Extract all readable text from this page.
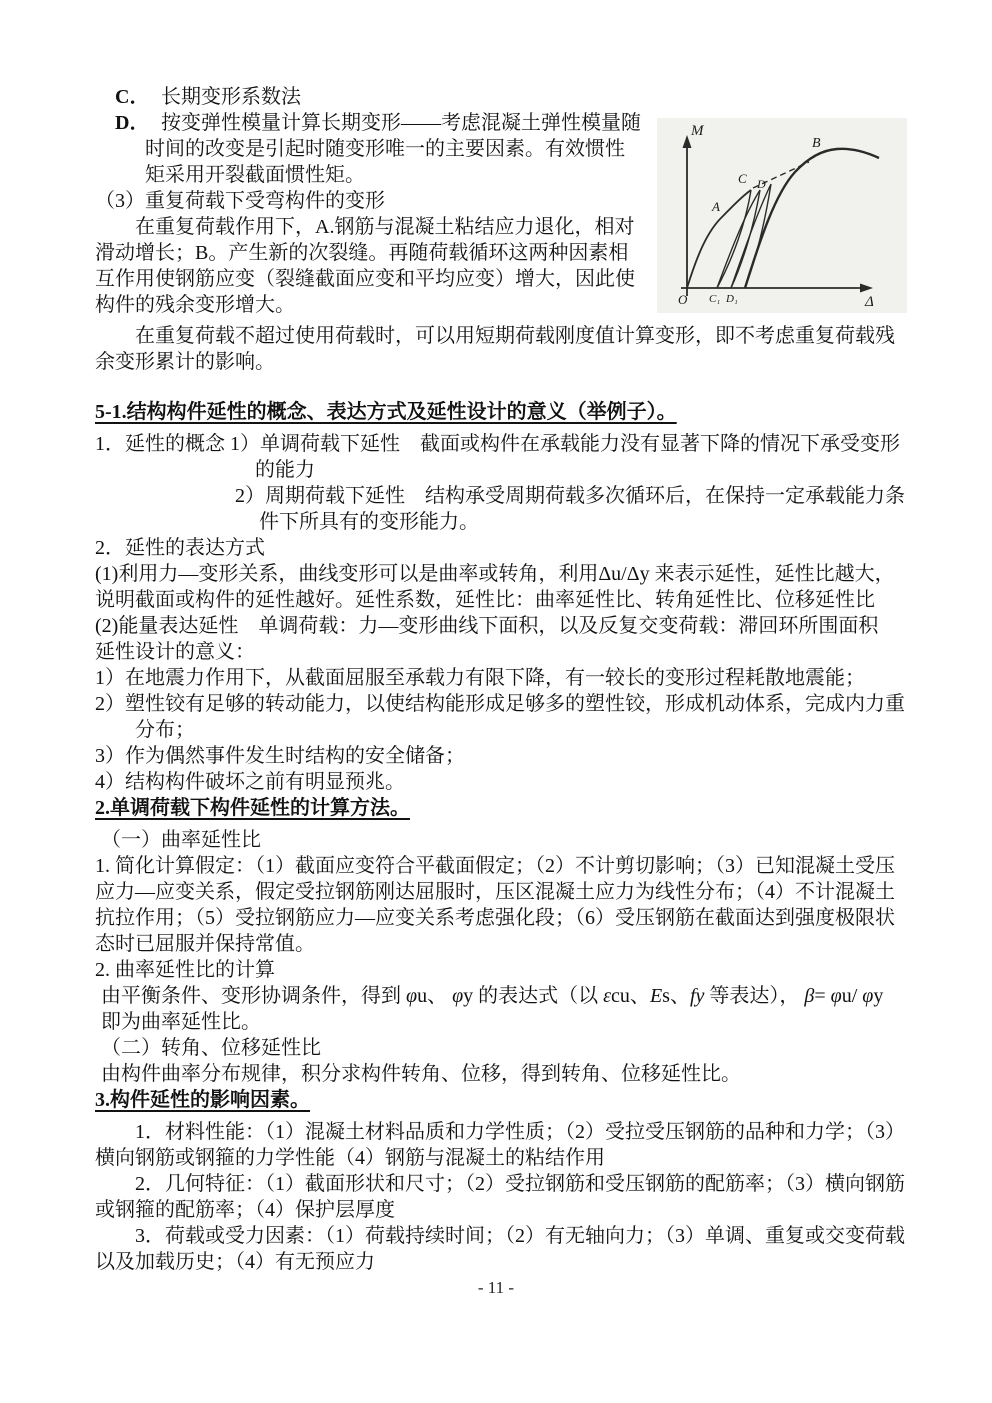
M
A
C D
B
O C₁ D₁	Δ
C． 长期变形系数法
D． 按变弹性模量计算长期变形——考虑混凝土弹性模量随时间的改变是引起时随变形唯一的主要因素。有效惯性矩采用开裂截面惯性矩。
（3）重复荷载下受弯构件的变形

在重复荷载作用下，A.钢筋与混凝土粘结应力退化，相对滑动增长；B。产生新的次裂缝。再随荷载循环这两种因素相互作用使钢筋应变（裂缝截面应变和平均应变）增大，因此使构件的残余变形增大。

在重复荷载不超过使用荷载时，可以用短期荷载刚度值计算变形，即不考虑重复荷载残余变形累计的影响。

5-1.结构构件延性的概念、表达方式及延性设计的意义（举例子）。
1．延性的概念 1）单调荷载下延性　截面或构件在承载能力没有显著下降的情况下承受变形
的能力
2）周期荷载下延性　结构承受周期荷载多次循环后，在保持一定承载能力条
件下所具有的变形能力。
2．延性的表达方式

(1)利用力—变形关系，曲线变形可以是曲率或转角，利用Δu/Δy 来表示延性，延性比越大，说明截面或构件的延性越好。延性系数，延性比：曲率延性比、转角延性比、位移延性比

(2)能量表达延性　单调荷载：力—变形曲线下面积，以及反复交变荷载：滞回环所围面积

延性设计的意义：

1）在地震力作用下，从截面屈服至承载力有限下降，有一较长的变形过程耗散地震能；

2）塑性铰有足够的转动能力，以使结构能形成足够多的塑性铰，形成机动体系，完成内力重分布；

3）作为偶然事件发生时结构的安全储备；

4）结构构件破坏之前有明显预兆。

2.单调荷载下构件延性的计算方法。
（一）曲率延性比

1. 简化计算假定：（1）截面应变符合平截面假定；（2）不计剪切影响；（3）已知混凝土受压应力—应变关系，假定受拉钢筋刚达屈服时，压区混凝土应力为线性分布；（4）不计混凝土抗拉作用；（5）受拉钢筋应力—应变关系考虑强化段；（6）受压钢筋在截面达到强度极限状态时已屈服并保持常值。

2. 曲率延性比的计算

由平衡条件、变形协调条件，得到 φu、 φy 的表达式（以 εcu、Es、fy 等表达）， β= φu/ φy 即为曲率延性比。

（二）转角、位移延性比

由构件曲率分布规律，积分求构件转角、位移，得到转角、位移延性比。

3.构件延性的影响因素。

1．材料性能：（1）混凝土材料品质和力学性质；（2）受拉受压钢筋的品种和力学；（3）横向钢筋或钢箍的力学性能（4）钢筋与混凝土的粘结作用

2．几何特征：（1）截面形状和尺寸；（2）受拉钢筋和受压钢筋的配筋率；（3）横向钢筋或钢箍的配筋率；（4）保护层厚度

3．荷载或受力因素：（1）荷载持续时间；（2）有无轴向力；（3）单调、重复或交变荷载以及加载历史；（4）有无预应力

- 11 -
